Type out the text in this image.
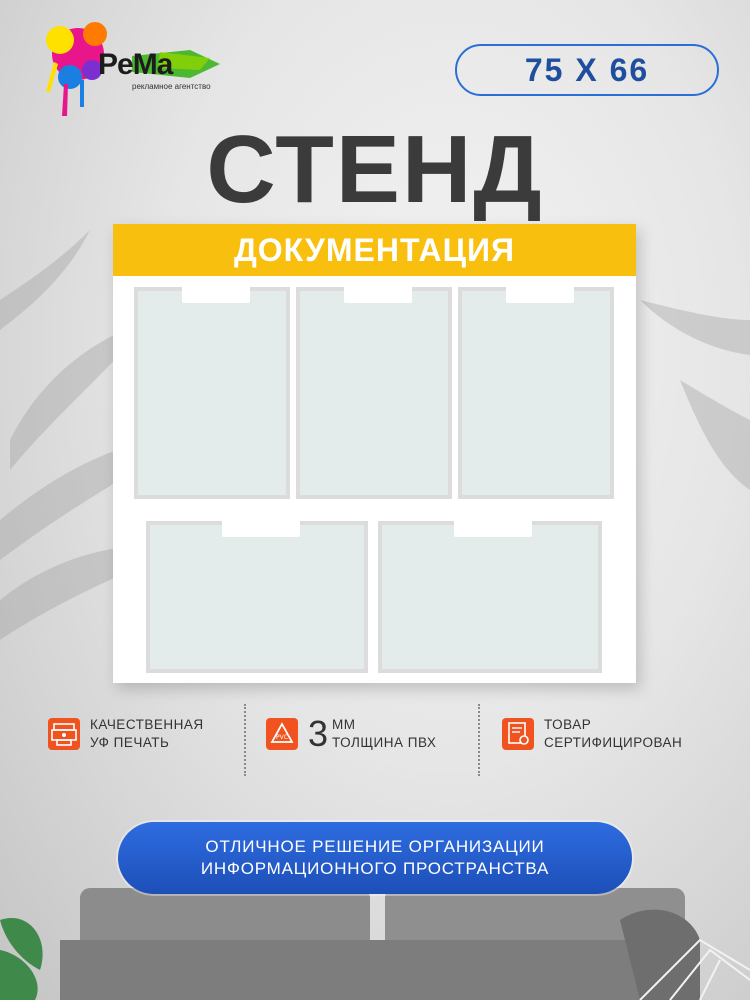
PeMa
рекламное агентство	75 X 66
СТЕНД
ДОКУМЕНТАЦИЯ
КАЧЕСТВЕННАЯ
УФ ПЕЧАТЬ	PVC 3 ММ
ТОЛЩИНА ПВХ
ТОВАР
СЕРТИФИЦИРОВАН
ОТЛИЧНОЕ РЕШЕНИЕ ОРГАНИЗАЦИИ
ИНФОРМАЦИОННОГО ПРОСТРАНСТВА
